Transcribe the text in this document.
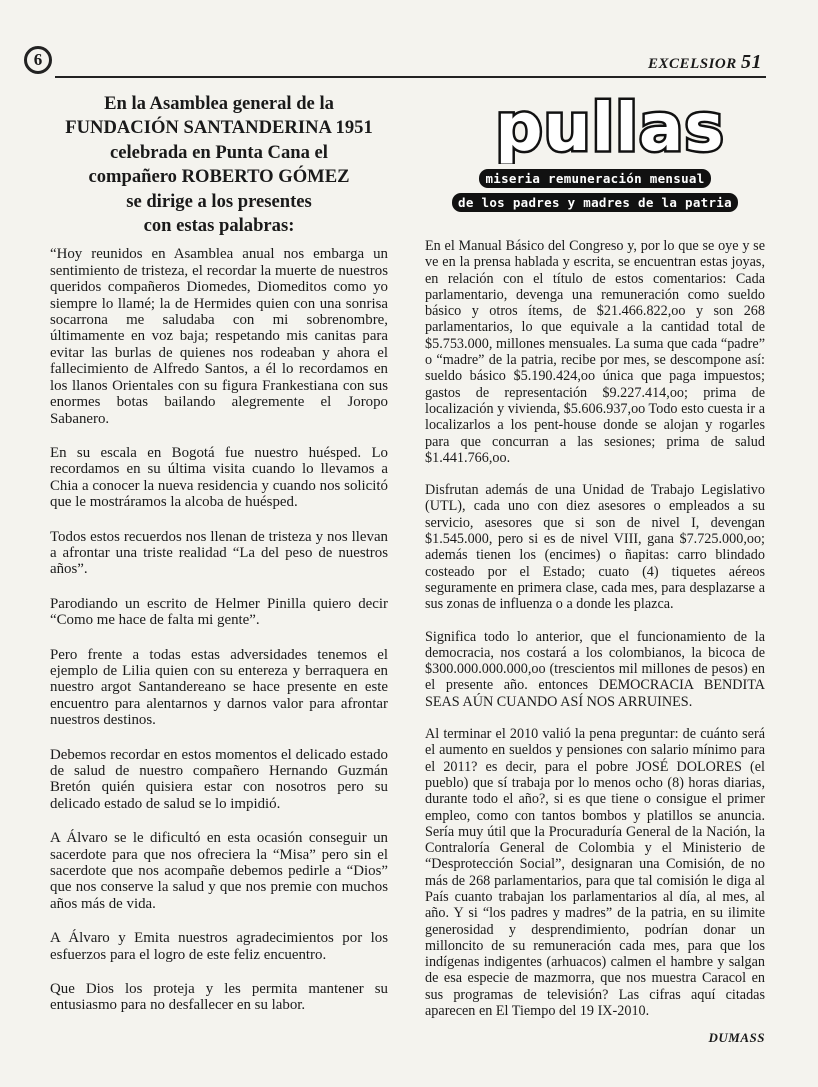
6	EXCELSIOR 51
En la Asamblea general de la
FUNDACIÓN SANTANDERINA 1951
celebrada en Punta Cana el
compañero ROBERTO GÓMEZ
se dirige a los presentes
con estas palabras:

“Hoy reunidos en Asamblea anual nos embarga un sentimiento de tristeza, el recordar la muerte de nuestros queridos compañeros Diomedes, Diomeditos como yo siempre lo llamé; la de Hermides quien con una sonrisa socarrona me saludaba con mi sobrenombre, últimamente en voz baja; respetando mis canitas para evitar las burlas de quienes nos rodeaban y ahora el fallecimiento de Alfredo Santos, a él lo recordamos en los llanos Orientales con su figura Frankestiana con sus enormes botas bailando alegremente el Joropo Sabanero.

En su escala en Bogotá fue nuestro huésped. Lo recordamos en su última visita cuando lo llevamos a Chia a conocer la nueva residencia y cuando nos solicitó que le mostráramos la alcoba de huésped.

Todos estos recuerdos nos llenan de tristeza y nos llevan a afrontar una triste realidad “La del peso de nuestros años”.

Parodiando un escrito de Helmer Pinilla quiero decir “Como me hace de falta mi gente”.

Pero frente a todas estas adversidades tenemos el ejemplo de Lilia quien con su entereza y berraquera en nuestro argot Santandereano se hace presente en este encuentro para alentarnos y darnos valor para afrontar nuestros destinos.

Debemos recordar en estos momentos el delicado estado de salud de nuestro compañero Hernando Guzmán Bretón quién quisiera estar con nosotros pero su delicado estado de salud se lo impidió.

A Álvaro se le dificultó en esta ocasión conseguir un sacerdote para que nos ofreciera la “Misa” pero sin el sacerdote que nos acompañe debemos pedirle a “Dios” que nos conserve la salud y que nos premie con muchos años más de vida.

A Álvaro y Emita nuestros agradecimientos por los esfuerzos para el logro de este feliz encuentro.

Que Dios los proteja y les permita mantener su entusiasmo para no desfallecer en su labor.

pullas
miseria remuneración mensual
de los padres y madres de la patria

En el Manual Básico del Congreso y, por lo que se oye y se ve en la prensa hablada y escrita, se encuentran estas joyas, en relación con el título de estos comentarios: Cada parlamentario, devenga una remuneración como sueldo básico y otros ítems, de $21.466.822,oo y son 268 parlamentarios, lo que equivale a la cantidad total de $5.753.000, millones mensuales. La suma que cada “padre” o “madre” de la patria, recibe por mes, se descompone así: sueldo básico $5.190.424,oo única que paga impuestos; gastos de representación $9.227.414,oo; prima de localización y vivienda, $5.606.937,oo Todo esto cuesta ir a localizarlos a los pent-house donde se alojan y rogarles para que concurran a las sesiones; prima de salud $1.441.766,oo.

Disfrutan además de una Unidad de Trabajo Legislativo (UTL), cada uno con diez asesores o empleados a su servicio, asesores que si son de nivel I, devengan $1.545.000, pero si es de nivel VIII, gana $7.725.000,oo; además tienen los (encimes) o ñapitas: carro blindado costeado por el Estado; cuato (4) tiquetes aéreos seguramente en primera clase, cada mes, para desplazarse a sus zonas de influenza o a donde les plazca.

Significa todo lo anterior, que el funcionamiento de la democracia, nos costará a los colombianos, la bicoca de $300.000.000.000,oo (trescientos mil millones de pesos) en el presente año. entonces DEMOCRACIA BENDITA SEAS AÚN CUANDO ASÍ NOS ARRUINES.

Al terminar el 2010 valió la pena preguntar: de cuánto será el aumento en sueldos y pensiones con salario mínimo para el 2011? es decir, para el pobre JOSÉ DOLORES (el pueblo) que sí trabaja por lo menos ocho (8) horas diarias, durante todo el año?, si es que tiene o consigue el primer empleo, como con tantos bombos y platillos se anuncia. Sería muy útil que la Procuraduría General de la Nación, la Contraloría General de Colombia y el Ministerio de “Desprotección Social”, designaran una Comisión, de no más de 268 parlamentarios, para que tal comisión le diga al País cuanto trabajan los parlamentarios al día, al mes, al año. Y si “los padres y madres” de la patria, en su ilimite generosidad y desprendimiento, podrían donar un milloncito de su remuneración cada mes, para que los indígenas indigentes (arhuacos) calmen el hambre y salgan de esa especie de mazmorra, que nos muestra Caracol en sus programas de televisión? Las cifras aquí citadas aparecen en El Tiempo del 19 IX-2010.

DUMASS
